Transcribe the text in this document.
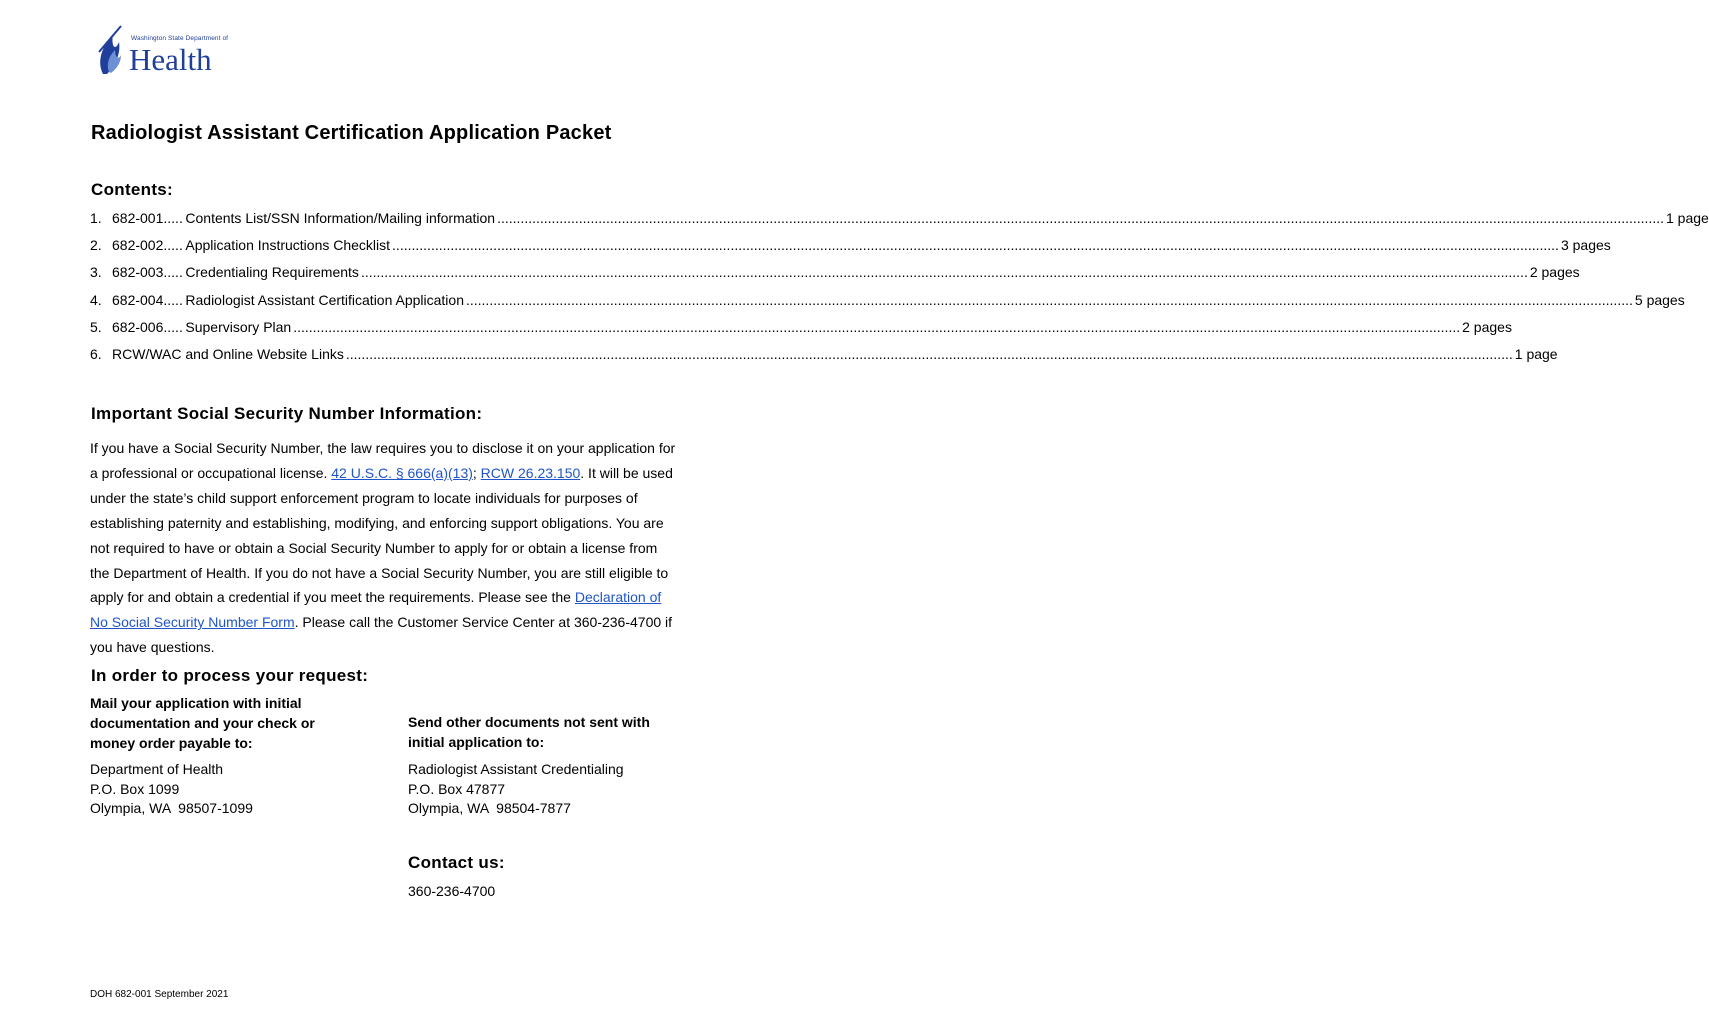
Washington State Department of
Health
Radiologist Assistant Certification Application Packet
Contents:
1. 682-001 ..... Contents List/SSN Information/Mailing information ............................................................................................................................................................................................................................................................................................................ 1 page
2. 682-002 ..... Application Instructions Checklist ............................................................................................................................................................................................................................................................................................................ 3 pages
3. 682-003 ..... Credentialing Requirements ............................................................................................................................................................................................................................................................................................................ 2 pages
4. 682-004 ..... Radiologist Assistant Certification Application ............................................................................................................................................................................................................................................................................................................ 5 pages
5. 682-006 ..... Supervisory Plan ............................................................................................................................................................................................................................................................................................................ 2 pages
6. RCW/WAC and Online Website Links ............................................................................................................................................................................................................................................................................................................ 1 page
Important Social Security Number Information:
If you have a Social Security Number, the law requires you to disclose it on your application for a professional or occupational license. 42 U.S.C. § 666(a)(13); RCW 26.23.150. It will be used under the state’s child support enforcement program to locate individuals for purposes of establishing paternity and establishing, modifying, and enforcing support obligations. You are not required to have or obtain a Social Security Number to apply for or obtain a license from the Department of Health. If you do not have a Social Security Number, you are still eligible to apply for and obtain a credential if you meet the requirements. Please see the Declaration of No Social Security Number Form. Please call the Customer Service Center at 360-236-4700 if you have questions.
In order to process your request:
Mail your application with initial documentation and your check or money order payable to:
Send other documents not sent with initial application to:
Department of Health
P.O. Box 1099
Olympia, WA  98507-1099
Radiologist Assistant Credentialing
P.O. Box 47877
Olympia, WA  98504-7877
Contact us:
360-236-4700
DOH 682-001 September 2021
